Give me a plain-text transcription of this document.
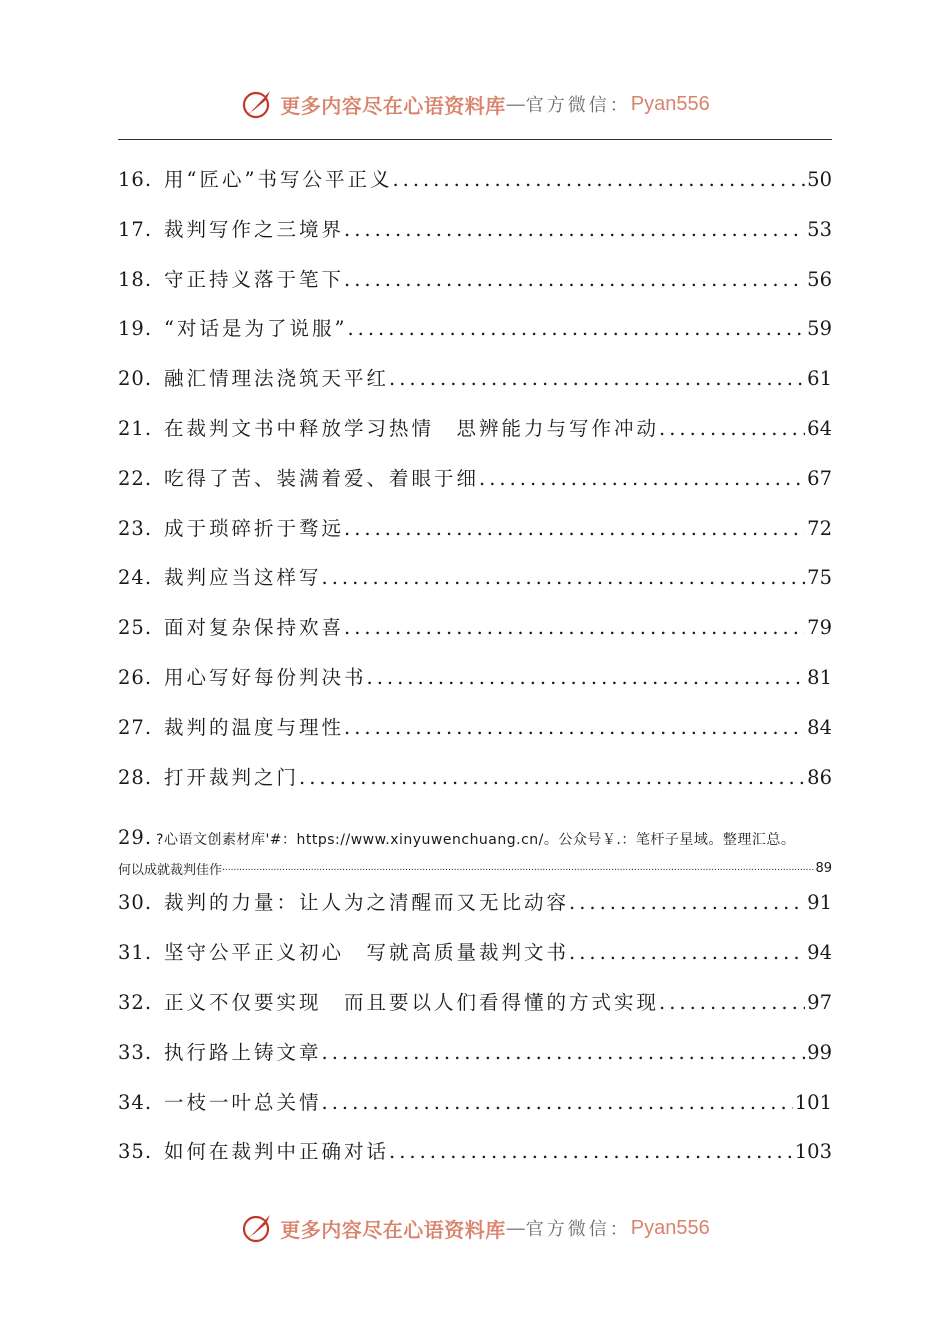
更多内容尽在心语资料库 — 官方微信： Pyan556
16. 用“匠心”书写公平正义 .....	50
17. 裁判写作之三境界 .....	53
18. 守正持义落于笔下 .....	56
19. “对话是为了说服” .....	59
20. 融汇情理法浇筑天平红 .....	61
21. 在裁判文书中释放学习热情　思辨能力与写作冲动 .....	64
22. 吃得了苦、装满着爱、着眼于细 .....	67
23. 成于琐碎折于骛远 .....	72
24. 裁判应当这样写 .....	75
25. 面对复杂保持欢喜 .....	79
26. 用心写好每份判决书 .....	81
27. 裁判的温度与理性 .....	84
28. 打开裁判之门 .....	86
29. ?心语文创素材库'#：https://www.xinyuwenchuang.cn/。公众号￥.：笔杆子星域。整理汇总。
何以成就裁判佳作 .....	89
30. 裁判的力量：让人为之清醒而又无比动容 .....	91
31. 坚守公平正义初心　写就高质量裁判文书 .....	94
32. 正义不仅要实现　而且要以人们看得懂的方式实现 .....	97
33. 执行路上铸文章 .....	99
34. 一枝一叶总关情 .....	101
35. 如何在裁判中正确对话 .....	103
更多内容尽在心语资料库 — 官方微信： Pyan556
